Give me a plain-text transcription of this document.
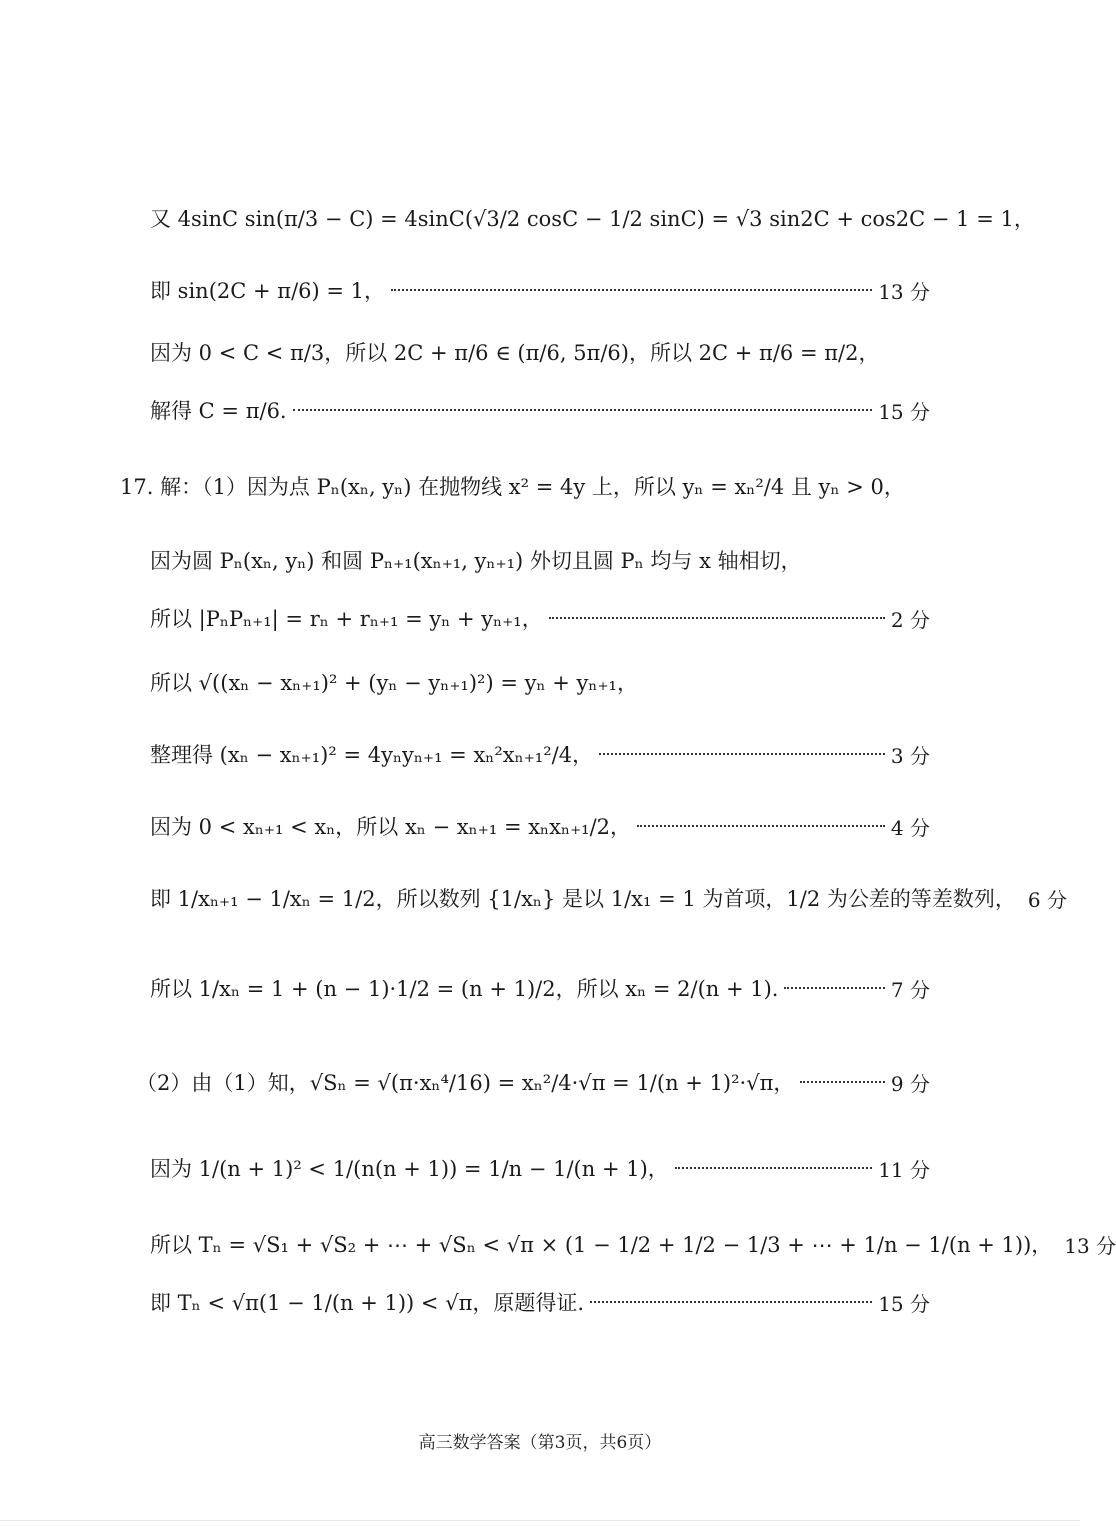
又 4sinC sin(π/3 − C) = 4sinC(√3/2 cosC − 1/2 sinC) = √3 sin2C + cos2C − 1 = 1，
即 sin(2C + π/6) = 1，	13 分
因为 0 < C < π/3，所以 2C + π/6 ∈ (π/6, 5π/6)，所以 2C + π/6 = π/2，
解得 C = π/6.	15 分
17. 解：（1）因为点 Pₙ(xₙ, yₙ) 在抛物线 x² = 4y 上，所以 yₙ = xₙ²/4 且 yₙ > 0，
因为圆 Pₙ(xₙ, yₙ) 和圆 Pₙ₊₁(xₙ₊₁, yₙ₊₁) 外切且圆 Pₙ 均与 x 轴相切，
所以 |PₙPₙ₊₁| = rₙ + rₙ₊₁ = yₙ + yₙ₊₁，	2 分
所以 √((xₙ − xₙ₊₁)² + (yₙ − yₙ₊₁)²) = yₙ + yₙ₊₁，
整理得 (xₙ − xₙ₊₁)² = 4yₙyₙ₊₁ = xₙ²xₙ₊₁²/4，	3 分
因为 0 < xₙ₊₁ < xₙ，所以 xₙ − xₙ₊₁ = xₙxₙ₊₁/2，	4 分
即 1/xₙ₊₁ − 1/xₙ = 1/2，所以数列 {1/xₙ} 是以 1/x₁ = 1 为首项，1/2 为公差的等差数列， 6 分
所以 1/xₙ = 1 + (n − 1)·1/2 = (n + 1)/2，所以 xₙ = 2/(n + 1).	7 分
（2）由（1）知，√Sₙ = √(π·xₙ⁴/16) = xₙ²/4·√π = 1/(n + 1)²·√π，	9 分
因为 1/(n + 1)² < 1/(n(n + 1)) = 1/n − 1/(n + 1)，	11 分
所以 Tₙ = √S₁ + √S₂ + ⋯ + √Sₙ < √π × (1 − 1/2 + 1/2 − 1/3 + ⋯ + 1/n − 1/(n + 1))， 13 分
即 Tₙ < √π(1 − 1/(n + 1)) < √π，原题得证.	15 分
高三数学答案（第3页，共6页）
